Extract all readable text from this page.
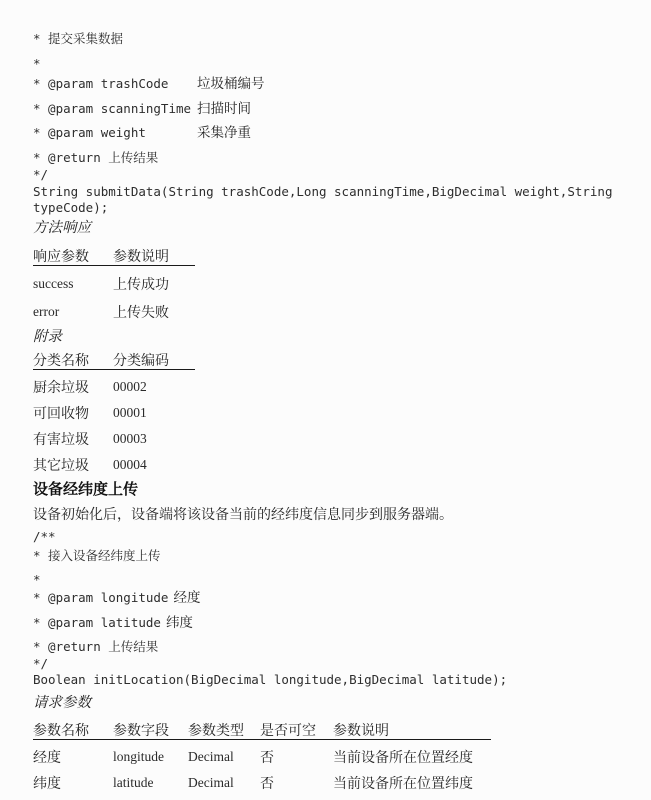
* 提交采集数据
*
* @param trashCode 垃圾桶编号
* @param scanningTime 扫描时间
* @param weight	采集净重
* @return 上传结果
*/
String submitData(String trashCode,Long scanningTime,BigDecimal weight,String typeCode);
方法响应
响应参数	参数说明
success	上传成功
error	上传失败
附录
分类名称	分类编码
厨余垃圾	00002
可回收物	00001
有害垃圾	00003
其它垃圾	00004
设备经纬度上传
设备初始化后，设备端将该设备当前的经纬度信息同步到服务器端。
/**
* 接入设备经纬度上传
*
* @param longitude 经度
* @param latitude 纬度
* @return 上传结果
*/
Boolean initLocation(BigDecimal longitude,BigDecimal latitude);
请求参数
参数名称	参数字段	参数类型	是否可空	参数说明
经度	longitude	Decimal	否	当前设备所在位置经度
纬度	latitude	Decimal	否	当前设备所在位置纬度
